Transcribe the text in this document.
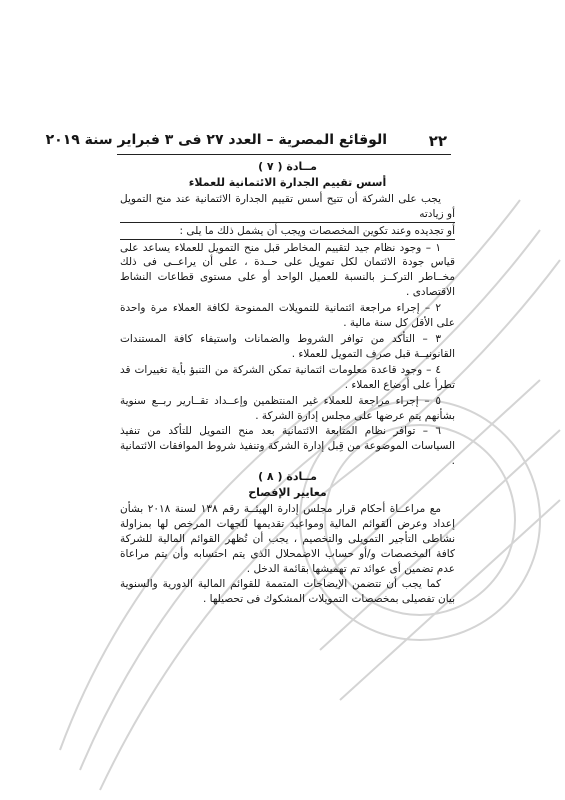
٢٢
الوقائع المصرية – العدد ٢٧ فى ٣ فبراير سنة ٢٠١٩

مــادة ( ٧ )

أسس تقييم الجدارة الائتمانية للعملاء

يجب على الشركة أن تتيح أسس تقييم الجدارة الائتمانية عند منح التمويل أو زيادته

أو تجديده وعند تكوين المخصصات ويجب أن يشمل ذلك ما يلى :

١ – وجود نظام جيد لتقييم المخاطر قبل منح التمويل للعملاء يساعد على قياس جودة الائتمان لكل تمويل على حــدة ، على أن يراعــى فى ذلك مخــاطر التركــز بالنسبة للعميل الواحد أو على مستوى قطاعات النشاط الاقتصادى .

٢ – إجراء مراجعة ائتمانية للتمويلات الممنوحة لكافة العملاء مرة واحدة على الأقل كل سنة مالية .

٣ – التأكد من توافر الشروط والضمانات واستيفاء كافة المستندات القانونيــة قبل صرف التمويل للعملاء .

٤ – وجود قاعدة معلومات ائتمانية تمكن الشركة من التنبؤ بأية تغييرات قد تطرأ على أوضاع العملاء .

٥ – إجراء مراجعة للعملاء غير المنتظمين وإعــداد تقــارير ربــع سنوية بشأنهم يتم عرضها على مجلس إدارة الشركة .

٦ – توافر نظام المتابعة الائتمانية بعد منح التمويل للتأكد من تنفيذ السياسات الموضوعة من قِبل إدارة الشركة وتنفيذ شروط الموافقات الائتمانية .

مــادة ( ٨ )

معايير الإفصاح

مع مراعــاة أحكام قرار مجلس إدارة الهيئــة رقم ١٣٨ لسنة ٢٠١٨ بشأن إعداد وعرض القوائم المالية ومواعيد تقديمها للجهات المرخص لها بمزاولة نشاطى التأجير التمويلى والتخصيم ، يجب أن تُظهر القوائم المالية للشركة كافة المخصصات و/أو حساب الاضمحلال الذى يتم احتسابه وأن يتم مراعاة عدم تضمين أى عوائد تم تهميشها بقائمة الدخل .

كما يجب أن تتضمن الإيضاحات المتممة للقوائم المالية الدورية والسنوية بيان تفصيلى بمخصصات التمويلات المشكوك فى تحصيلها .
